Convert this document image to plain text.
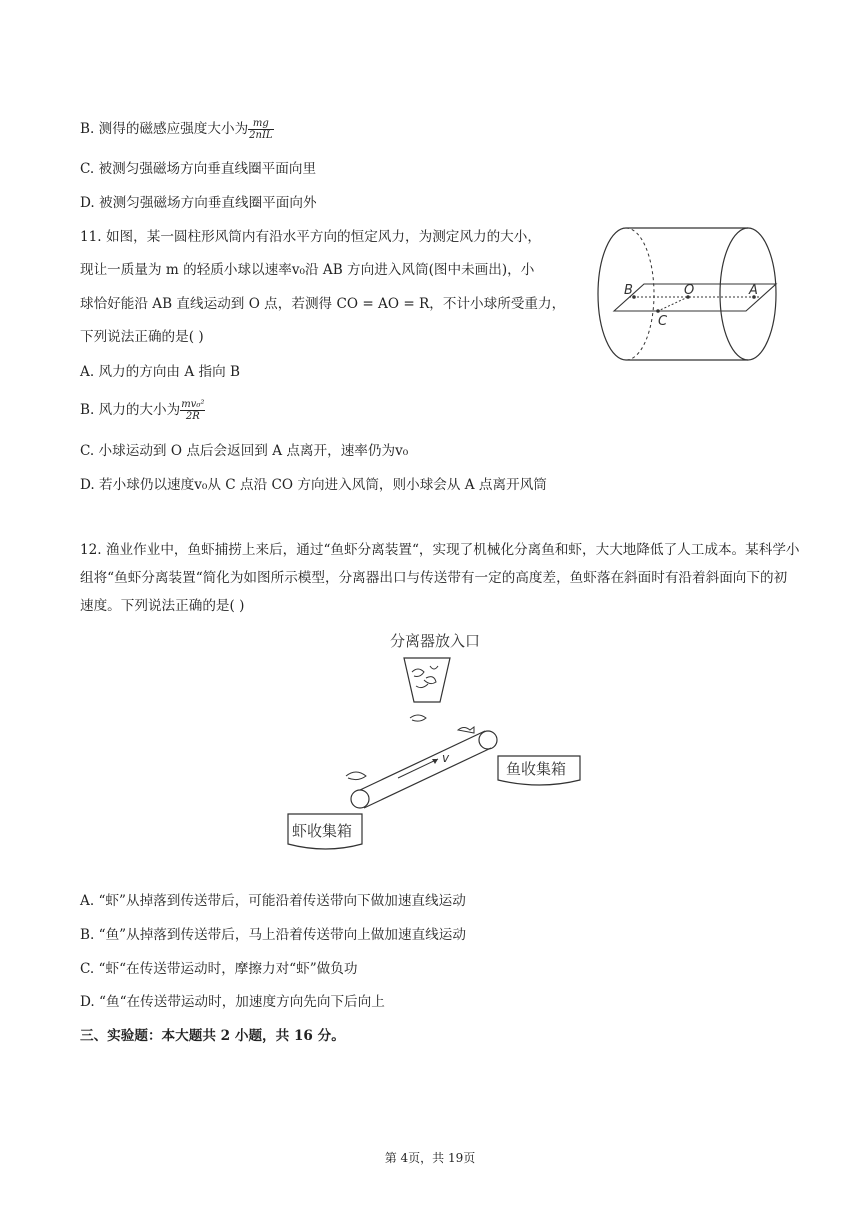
B. 测得的磁感应强度大小为 $\frac{mg}{\text{2nIL}}$
C. 被测匀强磁场方向垂直线圈平面向里
D. 被测匀强磁场方向垂直线圈平面向外
11. 如图，某一圆柱形风筒内有沿水平方向的恒定风力，为测定风力的大小，
现让一质量为 m 的轻质小球以速率v₀沿 AB 方向进入风筒(图中未画出)，小
球恰好能沿 AB 直线运动到 O 点，若测得 CO = AO = R，不计小球所受重力，
下列说法正确的是( )
A. 风力的方向由 A 指向 B
B. 风力的大小为 $\frac{\text{mv₀²}}{2R}$
C. 小球运动到 O 点后会返回到 A 点离开，速率仍为v₀
D. 若小球仍以速度v₀从 C 点沿 CO 方向进入风筒，则小球会从 A 点离开风筒
B	O	A
C
12. 渔业作业中，鱼虾捕捞上来后，通过“鱼虾分离装置“，实现了机械化分离鱼和虾，大大地降低了人工成本。某科学小组将“鱼虾分离装置“简化为如图所示模型，分离器出口与传送带有一定的高度差，鱼虾落在斜面时有沿着斜面向下的初速度。下列说法正确的是( )
分离器放入口
v
鱼收集箱
虾收集箱
A. “虾”从掉落到传送带后，可能沿着传送带向下做加速直线运动
B. “鱼”从掉落到传送带后，马上沿着传送带向上做加速直线运动
C. “虾“在传送带运动时，摩擦力对“虾”做负功
D. “鱼“在传送带运动时，加速度方向先向下后向上
三、实验题：本大题共 2 小题，共 16 分。
第 4页，共 19页
